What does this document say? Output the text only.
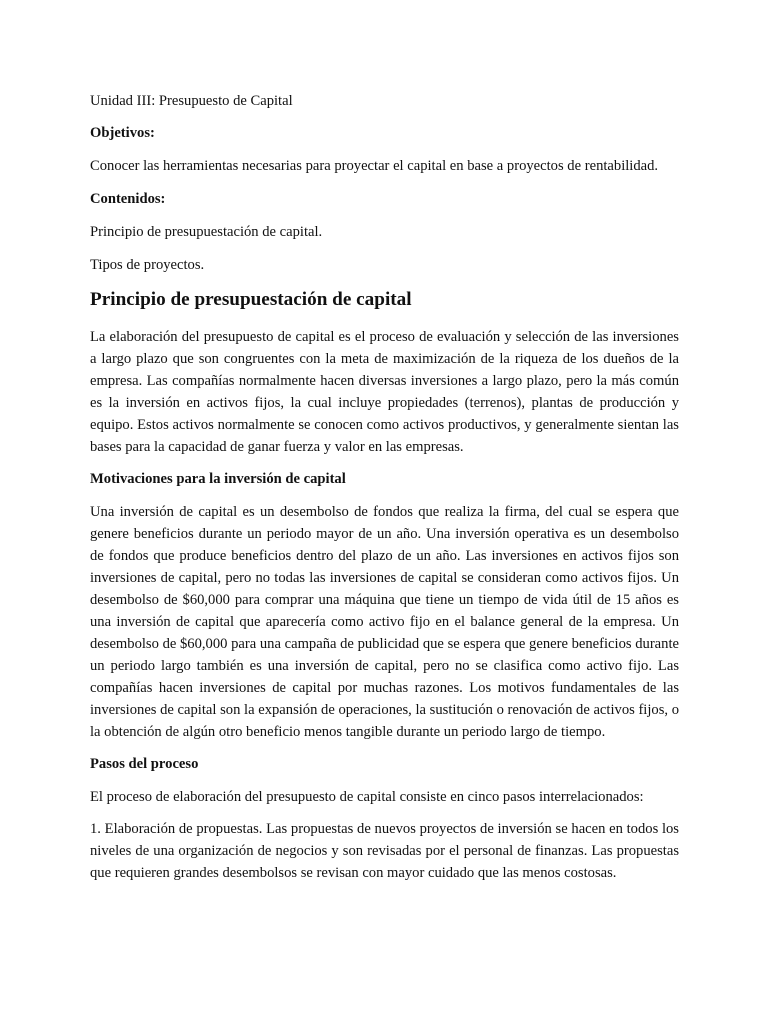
Unidad III: Presupuesto de Capital

Objetivos:

Conocer las herramientas necesarias para proyectar el capital en base a proyectos de rentabilidad.

Contenidos:

Principio de presupuestación de capital.

Tipos de proyectos.

Principio de presupuestación de capital

La elaboración del presupuesto de capital es el proceso de evaluación y selección de las inversiones a largo plazo que son congruentes con la meta de maximización de la riqueza de los dueños de la empresa. Las compañías normalmente hacen diversas inversiones a largo plazo, pero la más común es la inversión en activos fijos, la cual incluye propiedades (terrenos), plantas de producción y equipo. Estos activos normalmente se conocen como activos productivos, y generalmente sientan las bases para la capacidad de ganar fuerza y valor en las empresas.

Motivaciones para la inversión de capital

Una inversión de capital es un desembolso de fondos que realiza la firma, del cual se espera que genere beneficios durante un periodo mayor de un año. Una inversión operativa es un desembolso de fondos que produce beneficios dentro del plazo de un año. Las inversiones en activos fijos son inversiones de capital, pero no todas las inversiones de capital se consideran como activos fijos. Un desembolso de $60,000 para comprar una máquina que tiene un tiempo de vida útil de 15 años es una inversión de capital que aparecería como activo fijo en el balance general de la empresa. Un desembolso de $60,000 para una campaña de publicidad que se espera que genere beneficios durante un periodo largo también es una inversión de capital, pero no se clasifica como activo fijo. Las compañías hacen inversiones de capital por muchas razones. Los motivos fundamentales de las inversiones de capital son la expansión de operaciones, la sustitución o renovación de activos fijos, o la obtención de algún otro beneficio menos tangible durante un periodo largo de tiempo.

Pasos del proceso

El proceso de elaboración del presupuesto de capital consiste en cinco pasos interrelacionados:

1. Elaboración de propuestas. Las propuestas de nuevos proyectos de inversión se hacen en todos los niveles de una organización de negocios y son revisadas por el personal de finanzas. Las propuestas que requieren grandes desembolsos se revisan con mayor cuidado que las menos costosas.
